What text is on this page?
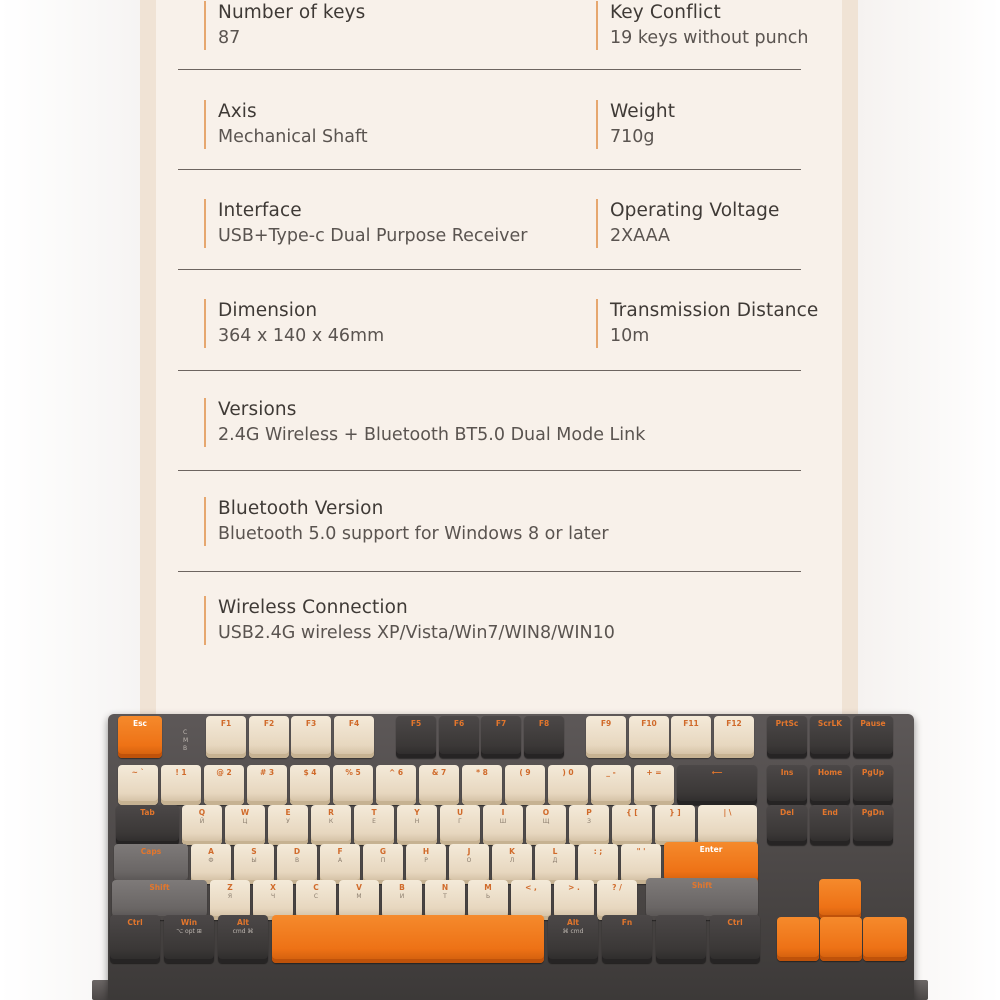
Number of keys
87
Key Conflict
19 keys without punch
Axis
Mechanical Shaft
Weight
710g
Interface
USB+Type-c Dual Purpose Receiver
Operating Voltage
2XAAA
Dimension
364 x 140 x 46mm
Transmission Distance
10m
Versions
2.4G Wireless + Bluetooth BT5.0 Dual Mode Link
Bluetooth Version
Bluetooth 5.0 support for Windows 8 or later
Wireless Connection
USB2.4G wireless XP/Vista/Win7/WIN8/WIN10
C
M
B
Esc	F1	F2	F3	F4	F5	F6	F7	F8	F9	F10	F11	F12	PrtSc	ScrLK Pause
~ `	! 1	@ 2	# 3	$ 4	% 5	^ 6	& 7	* 8	( 9	) 0	_ -	+ =	⟵	Ins	Home	PgUp
Tab	Q
Й
W
Ц
E
У
R
К
T
Е
Y
Н
U
Г
I
Ш
O
Щ
P
З
{ [	} ]	| \	Del	End	PgDn
Caps	A
Ф
S
Ы
D
В
F
А
G
П
H
Р
J
О
K
Л
L
Д
: ;	" '	Enter
Shift	Z
Я
X
Ч
C
С
V
М
B
И
N
Т
M
Ь
< ,	> .	? /	Shift
Ctrl	Win
⌥ opt ⊞
Alt
cmd ⌘
Alt
⌘ cmd
Fn	Ctrl
